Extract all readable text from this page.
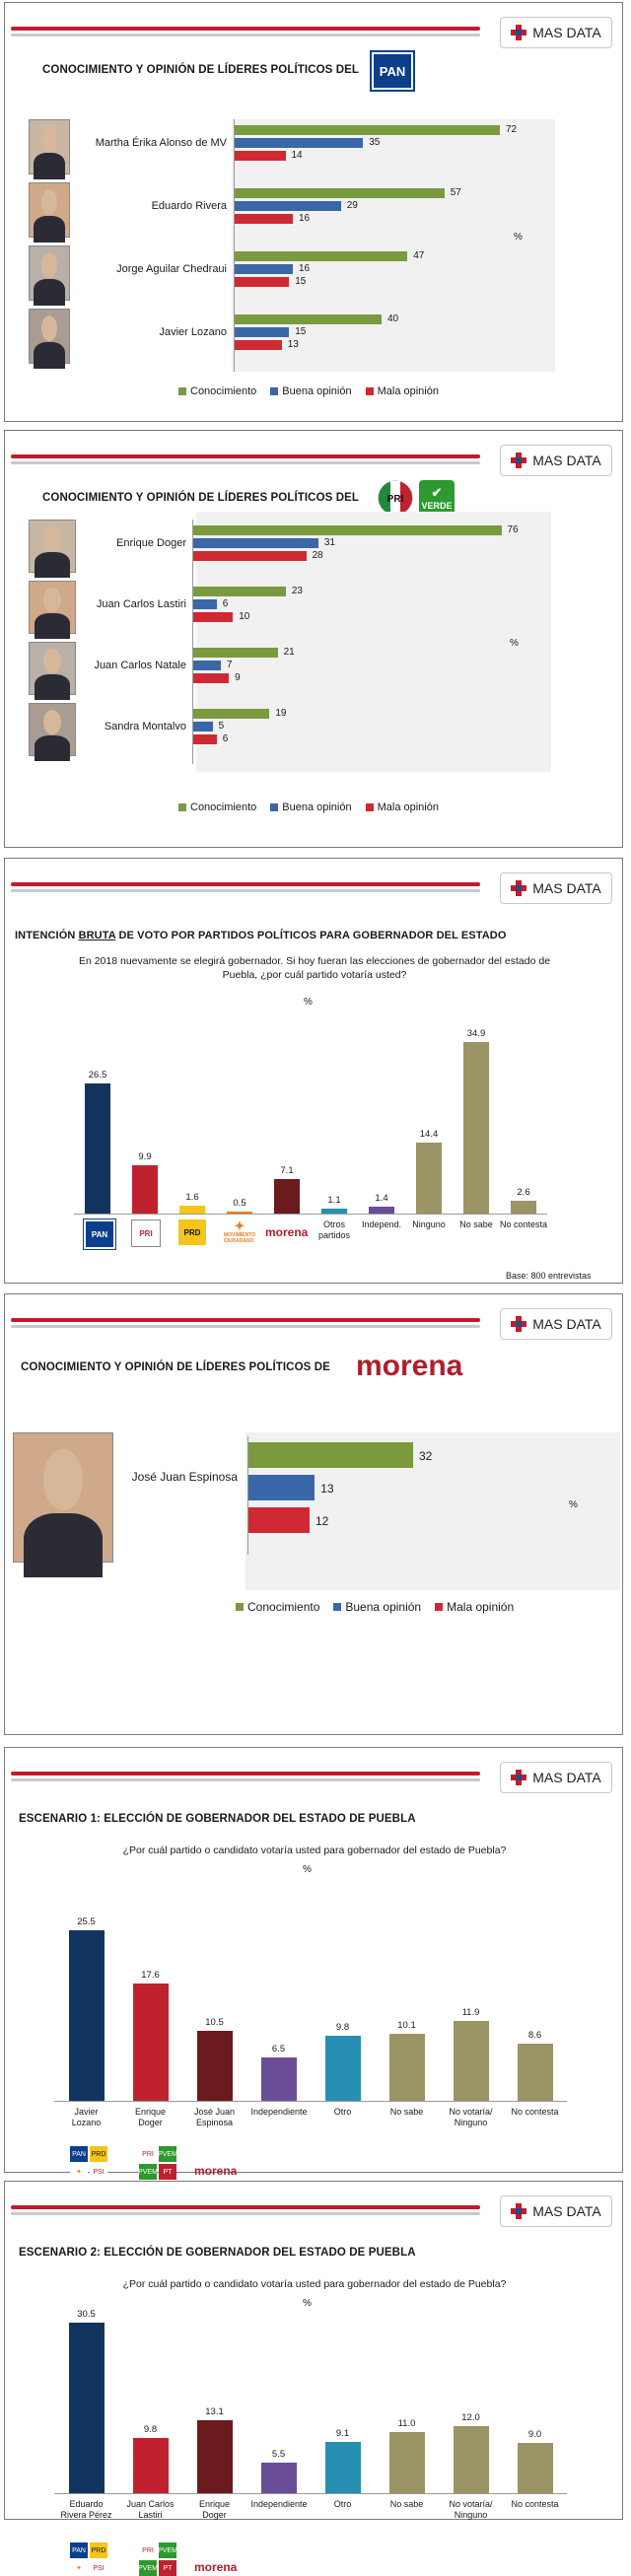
MAS DATA
CONOCIMIENTO Y OPINIÓN DE LÍDERES POLÍTICOS DEL	PAN
Martha Érika Alonso de MV
72
35
14
Eduardo Rivera
57
29
16
Jorge Aguilar Chedraui
47
16
15
Javier Lozano
40
15
13
%
Conocimiento Buena opinión Mala opinión
MAS DATA
CONOCIMIENTO Y OPINIÓN DE LÍDERES POLÍTICOS DEL	PRI ✔
VERDE
Enrique Doger
76
31
28
Juan Carlos Lastiri
23
6
10
Juan Carlos Natale
21
7
9
Sandra Montalvo
19
5
6
%
Conocimiento Buena opinión Mala opinión
MAS DATA
INTENCIÓN BRUTA DE VOTO POR PARTIDOS POLÍTICOS PARA GOBERNADOR DEL ESTADO
En 2018 nuevamente se elegirá gobernador. Si hoy fueran las elecciones de gobernador del estado de
Puebla, ¿por cuál partido votaría usted?
%
Base: 800 entrevistas
26.5
9.9
1.6	0.5
7.1
1.1
Otros partidos
1.4
Independ.
14.4
Ninguno
34.9
No sabe
2.6
No contesta
PAN	PRI	PRD	✦
MOVIMIENTO CIUDADANO
morena
MAS DATA
CONOCIMIENTO Y OPINIÓN DE LÍDERES POLÍTICOS DE morena
José Juan Espinosa
32
13
12
%
Conocimiento Buena opinión Mala opinión
MAS DATA
ESCENARIO 1: ELECCIÓN DE GOBERNADOR DEL ESTADO DE PUEBLA
¿Por cuál partido o candidato votaría usted para gobernador del estado de Puebla?
%
25.5
Javier Lozano
17.6
Enrique Doger
10.5
José Juan Espinosa
6.5
Independiente
9.8
Otro
10.1
No sabe
11.9
No votaría/ Ninguno
8.6
No contesta
PAN PRD
✦	PSI
PRI PVEM
PVEM PT	morena
MAS DATA
ESCENARIO 2: ELECCIÓN DE GOBERNADOR DEL ESTADO DE PUEBLA
¿Por cuál partido o candidato votaría usted para gobernador del estado de Puebla?
%
30.5
Eduardo Rivera Pérez
9.8
Juan Carlos Lastiri
13.1
Enrique Doger
5.5
Independiente
9.1
Otro
11.0
No sabe
12.0
No votaría/ Ninguno
9.0
No contesta
PAN PRD
✦	PSI
PRI PVEM
PVEM PT	morena
